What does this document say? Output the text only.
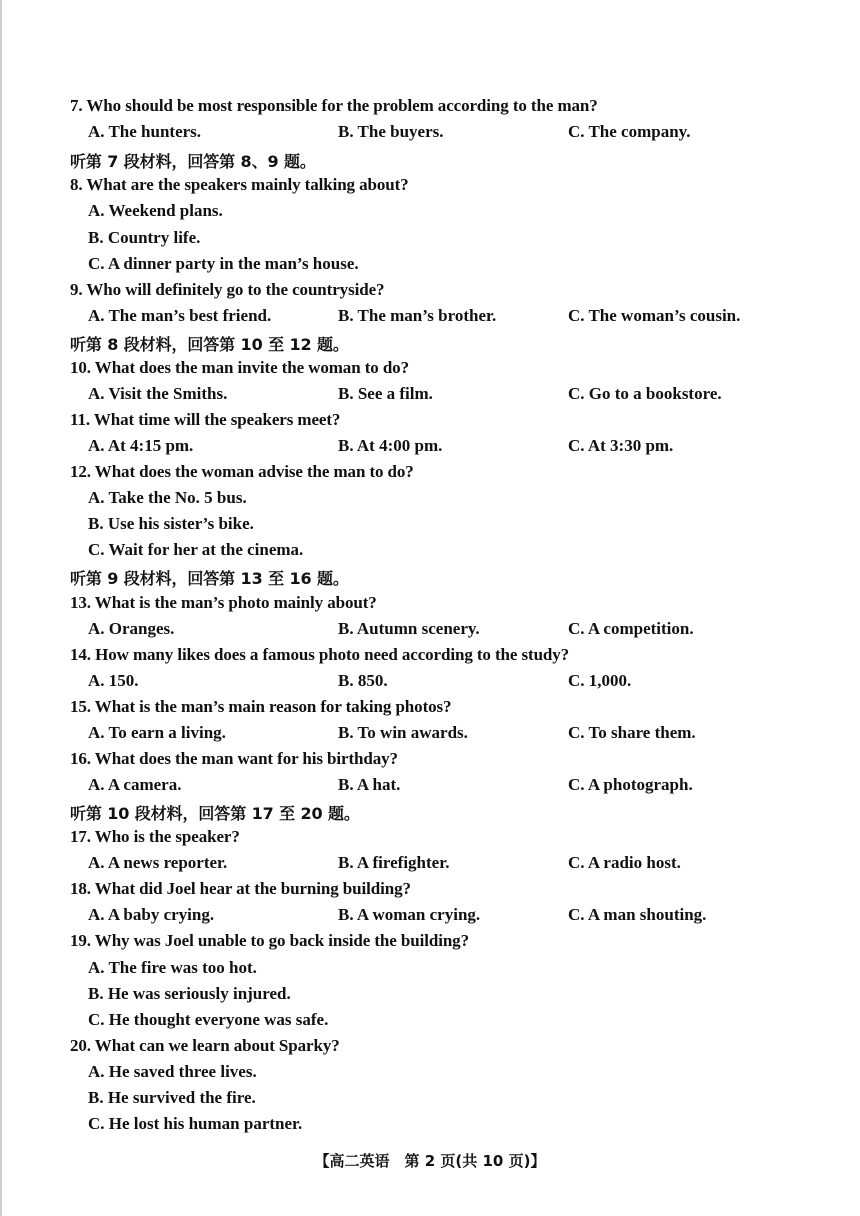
7. Who should be most responsible for the problem according to the man?
A. The hunters.	B. The buyers.	C. The company.
听第 7 段材料，回答第 8、9 题。
8. What are the speakers mainly talking about?
A. Weekend plans.
B. Country life.
C. A dinner party in the man’s house.
9. Who will definitely go to the countryside?
A. The man’s best friend.	B. The man’s brother.	C. The woman’s cousin.
听第 8 段材料，回答第 10 至 12 题。
10. What does the man invite the woman to do?
A. Visit the Smiths.	B. See a film.	C. Go to a bookstore.
11. What time will the speakers meet?
A. At 4:15 pm.	B. At 4:00 pm.	C. At 3:30 pm.
12. What does the woman advise the man to do?
A. Take the No. 5 bus.
B. Use his sister’s bike.
C. Wait for her at the cinema.
听第 9 段材料，回答第 13 至 16 题。
13. What is the man’s photo mainly about?
A. Oranges.	B. Autumn scenery.	C. A competition.
14. How many likes does a famous photo need according to the study?
A. 150.	B. 850.	C. 1,000.
15. What is the man’s main reason for taking photos?
A. To earn a living.	B. To win awards.	C. To share them.
16. What does the man want for his birthday?
A. A camera.	B. A hat.	C. A photograph.
听第 10 段材料，回答第 17 至 20 题。
17. Who is the speaker?
A. A news reporter.	B. A firefighter.	C. A radio host.
18. What did Joel hear at the burning building?
A. A baby crying.	B. A woman crying.	C. A man shouting.
19. Why was Joel unable to go back inside the building?
A. The fire was too hot.
B. He was seriously injured.
C. He thought everyone was safe.
20. What can we learn about Sparky?
A. He saved three lives.
B. He survived the fire.
C. He lost his human partner.
【高二英语　第 2 页(共 10 页)】
